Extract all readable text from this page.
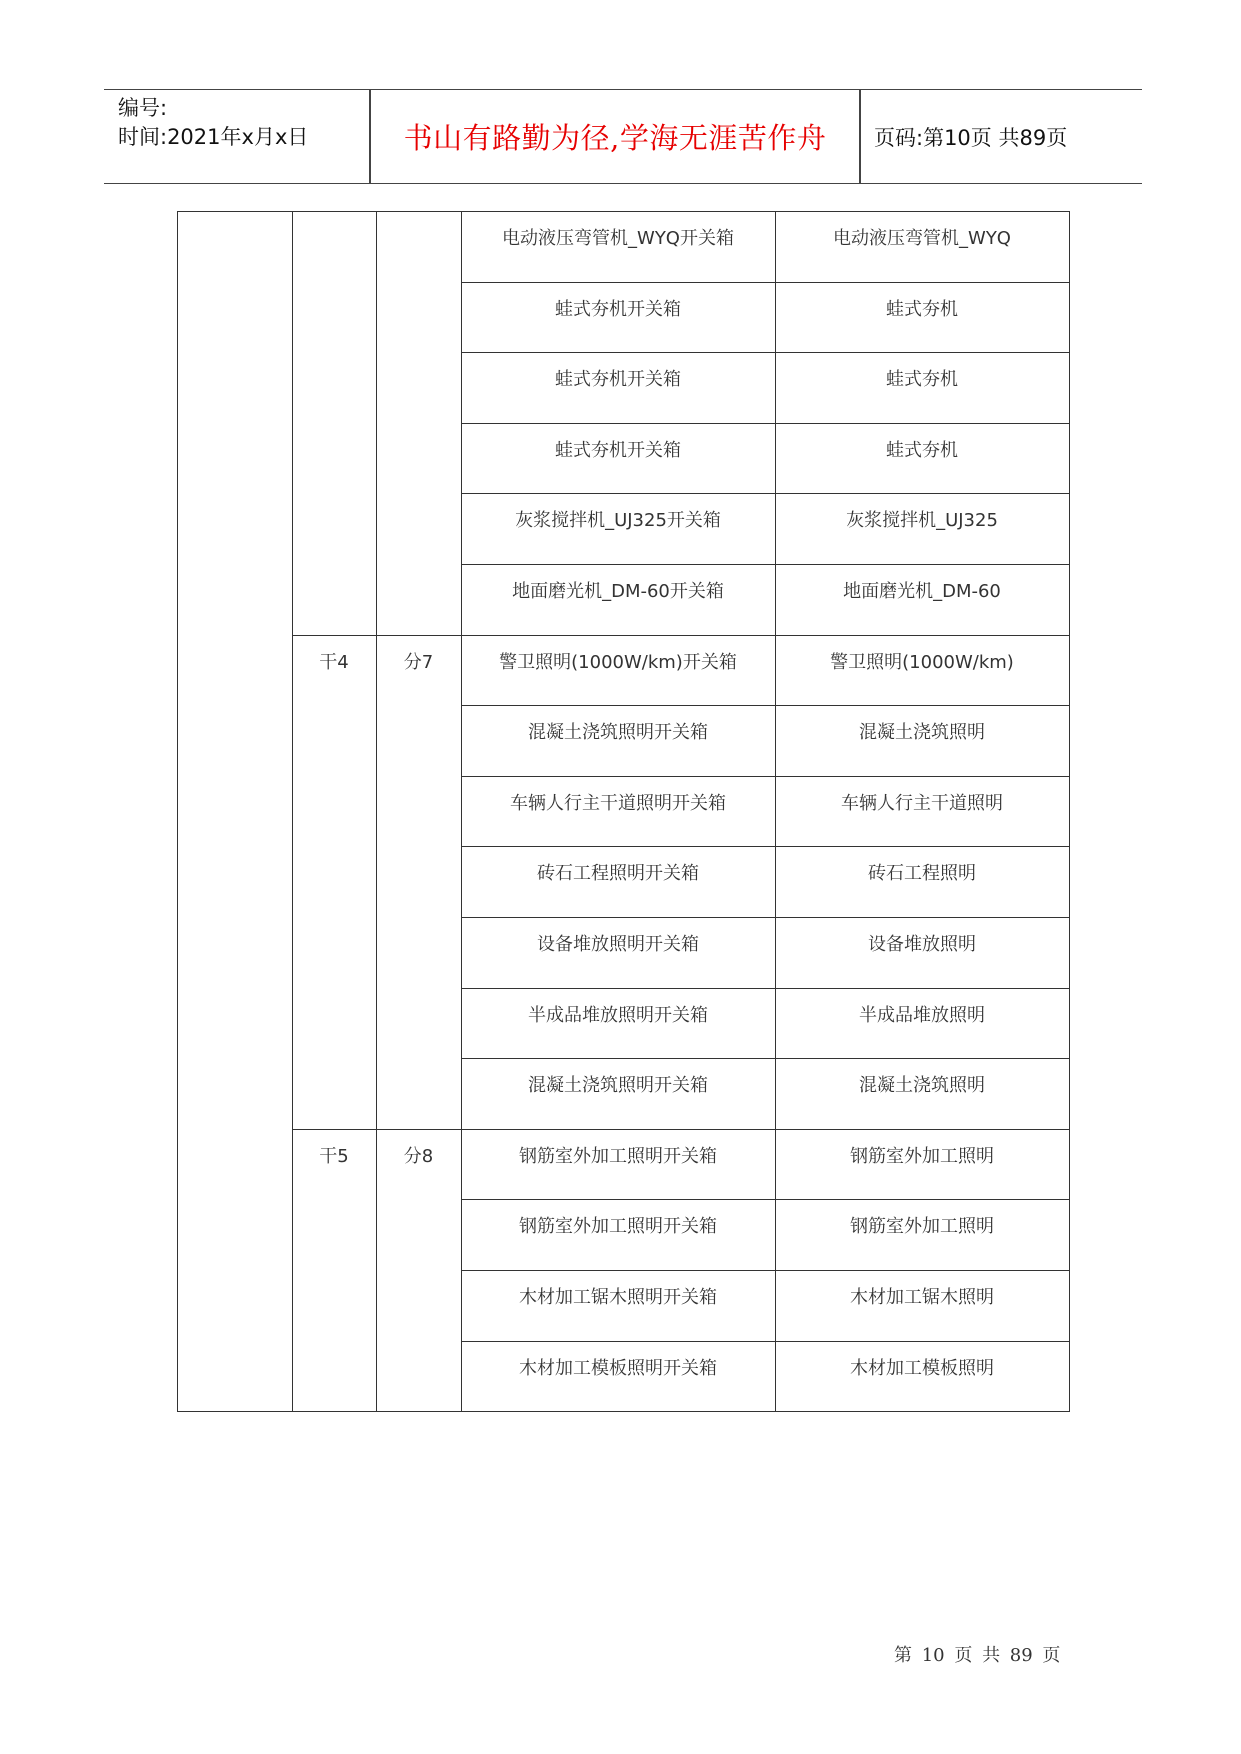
编号:
时间:2021年x月x日	书山有路勤为径,学海无涯苦作舟	页码:第10页 共89页
电动液压弯管机_WYQ开关箱	电动液压弯管机_WYQ
蛙式夯机开关箱	蛙式夯机
蛙式夯机开关箱	蛙式夯机
蛙式夯机开关箱	蛙式夯机
灰浆搅拌机_UJ325开关箱	灰浆搅拌机_UJ325
地面磨光机_DM-60开关箱	地面磨光机_DM-60
干4	分7	警卫照明(1000W/km)开关箱	警卫照明(1000W/km)
混凝土浇筑照明开关箱	混凝土浇筑照明
车辆人行主干道照明开关箱	车辆人行主干道照明
砖石工程照明开关箱	砖石工程照明
设备堆放照明开关箱	设备堆放照明
半成品堆放照明开关箱	半成品堆放照明
混凝土浇筑照明开关箱	混凝土浇筑照明
干5	分8	钢筋室外加工照明开关箱	钢筋室外加工照明
钢筋室外加工照明开关箱	钢筋室外加工照明
木材加工锯木照明开关箱	木材加工锯木照明
木材加工模板照明开关箱	木材加工模板照明
第 10 页 共 89 页
